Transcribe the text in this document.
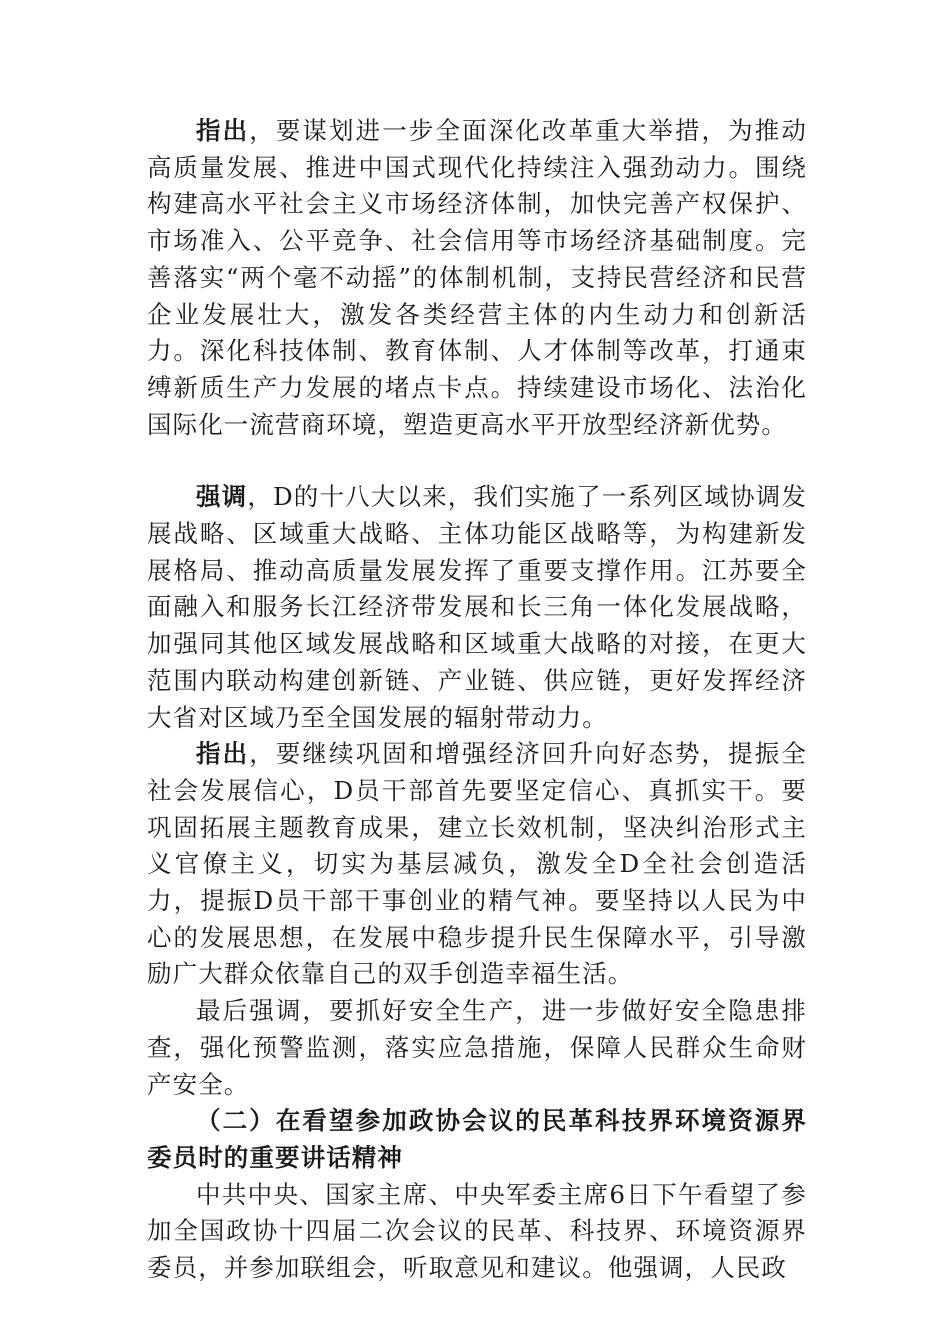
指出，要谋划进一步全面深化改革重大举措，为推动高质量发展、推进中国式现代化持续注入强劲动力。围绕构建高水平社会主义市场经济体制，加快完善产权保护、市场准入、公平竞争、社会信用等市场经济基础制度。完善落实“两个毫不动摇”的体制机制，支持民营经济和民营企业发展壮大，激发各类经营主体的内生动力和创新活力。深化科技体制、教育体制、人才体制等改革，打通束缚新质生产力发展的堵点卡点。持续建设市场化、法治化国际化一流营商环境，塑造更高水平开放型经济新优势。

强调，D的十八大以来，我们实施了一系列区域协调发展战略、区域重大战略、主体功能区战略等，为构建新发展格局、推动高质量发展发挥了重要支撑作用。江苏要全面融入和服务长江经济带发展和长三角一体化发展战略，加强同其他区域发展战略和区域重大战略的对接，在更大范围内联动构建创新链、产业链、供应链，更好发挥经济大省对区域乃至全国发展的辐射带动力。

指出，要继续巩固和增强经济回升向好态势，提振全社会发展信心，D员干部首先要坚定信心、真抓实干。要巩固拓展主题教育成果，建立长效机制，坚决纠治形式主义官僚主义，切实为基层减负，激发全D全社会创造活力，提振D员干部干事创业的精气神。要坚持以人民为中心的发展思想，在发展中稳步提升民生保障水平，引导激励广大群众依靠自己的双手创造幸福生活。

最后强调，要抓好安全生产，进一步做好安全隐患排查，强化预警监测，落实应急措施，保障人民群众生命财产安全。

（二）在看望参加政协会议的民革科技界环境资源界委员时的重要讲话精神

中共中央、国家主席、中央军委主席6日下午看望了参加全国政协十四届二次会议的民革、科技界、环境资源界委员，并参加联组会，听取意见和建议。他强调，人民政
